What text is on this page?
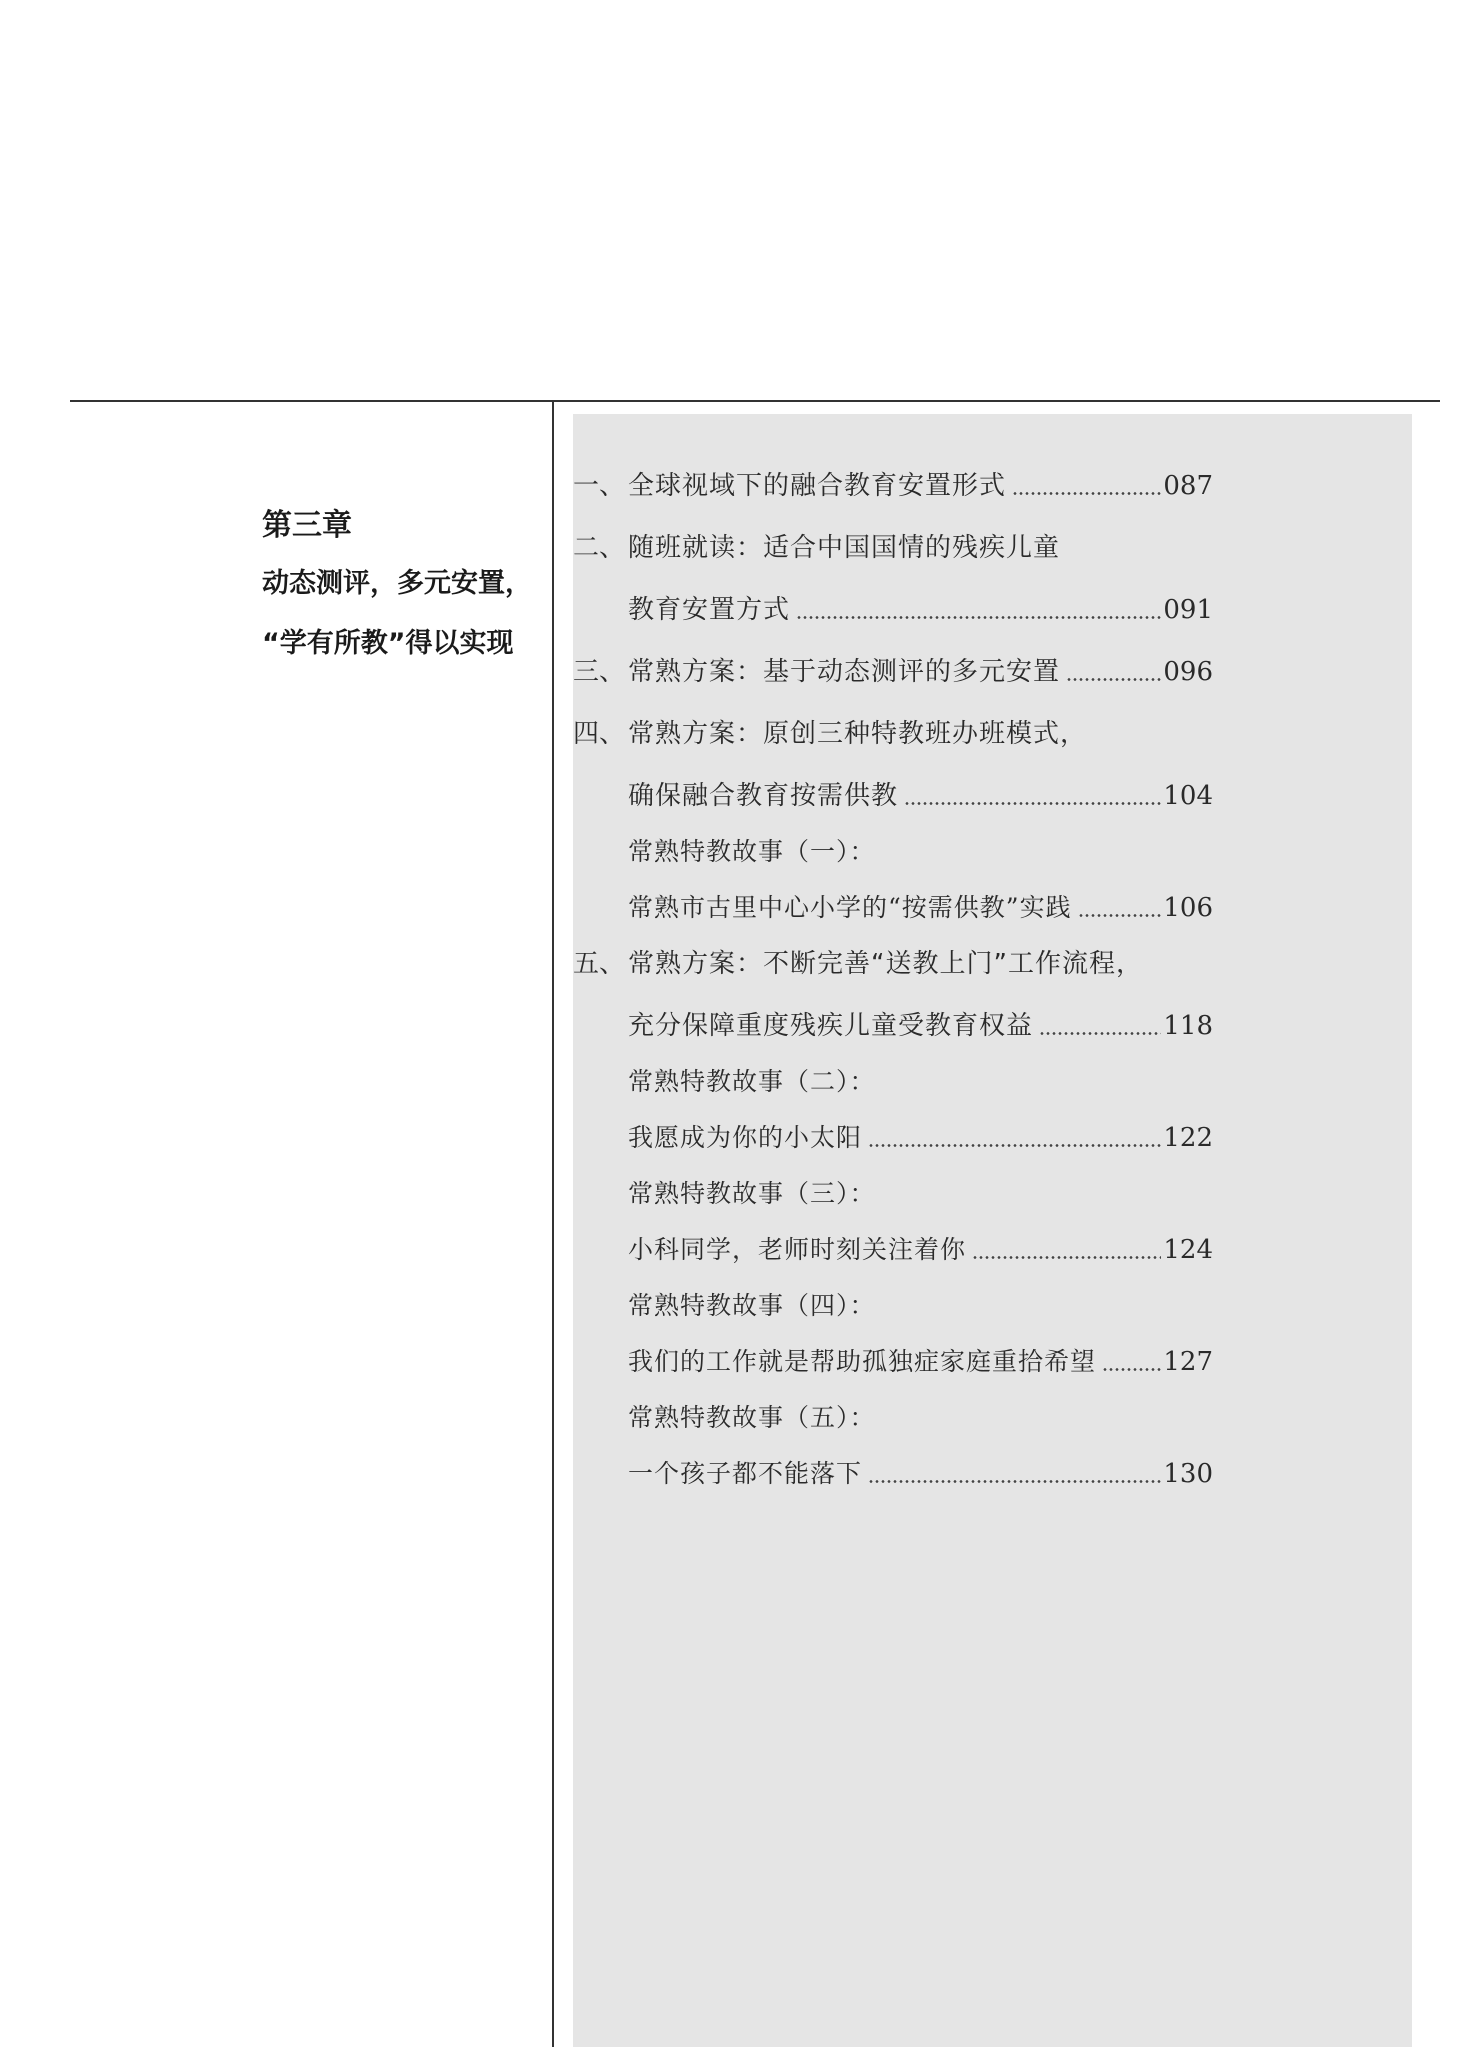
第三章
动态测评，多元安置，
“学有所教”得以实现
一、 全球视域下的融合教育安置形式	087
二、 随班就读：适合中国国情的残疾儿童
教育安置方式	091
三、 常熟方案：基于动态测评的多元安置	096
四、 常熟方案：原创三种特教班办班模式，
确保融合教育按需供教	104
常熟特教故事（一）：
常熟市古里中心小学的“按需供教”实践	106
五、 常熟方案：不断完善“送教上门”工作流程，
充分保障重度残疾儿童受教育权益	118
常熟特教故事（二）：
我愿成为你的小太阳	122
常熟特教故事（三）：
小科同学，老师时刻关注着你	124
常熟特教故事（四）：
我们的工作就是帮助孤独症家庭重拾希望	127
常熟特教故事（五）：
一个孩子都不能落下	130
